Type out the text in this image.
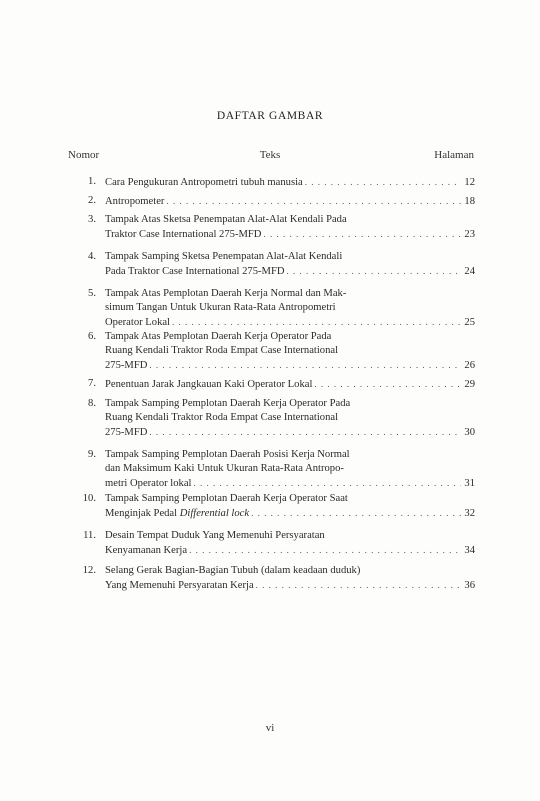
DAFTAR GAMBAR
Nomor	Teks	Halaman
1. Cara Pengukuran Antropometri tubuh manusia . . .	12
2. Antropometer . . .	18
3. Tampak Atas Sketsa Penempatan Alat-Alat Kendali Pada
Traktor Case International 275-MFD . . .	23
4. Tampak Samping Sketsa Penempatan Alat-Alat Kendali
Pada Traktor Case International 275-MFD . . .	24
5. Tampak Atas Pemplotan Daerah Kerja Normal dan Mak-
simum Tangan Untuk Ukuran Rata-Rata Antropometri
Operator Lokal . . .	25
6. Tampak Atas Pemplotan Daerah Kerja Operator Pada
Ruang Kendali Traktor Roda Empat Case International
275-MFD . . .	26
7. Penentuan Jarak Jangkauan Kaki Operator Lokal . . .	29
8. Tampak Samping Pemplotan Daerah Kerja Operator Pada
Ruang Kendali Traktor Roda Empat Case International
275-MFD . . .	30
9. Tampak Samping Pemplotan Daerah Posisi Kerja Normal
dan Maksimum Kaki Untuk Ukuran Rata-Rata Antropo-
metri Operator lokal . . .	31
10. Tampak Samping Pemplotan Daerah Kerja Operator Saat
Menginjak Pedal
Differential lock . . .	32
11. Desain Tempat Duduk Yang Memenuhi Persyaratan
Kenyamanan Kerja . . .	34
12. Selang Gerak Bagian-Bagian Tubuh (dalam keadaan duduk)
Yang Memenuhi Persyaratan Kerja . . .	36
vi
